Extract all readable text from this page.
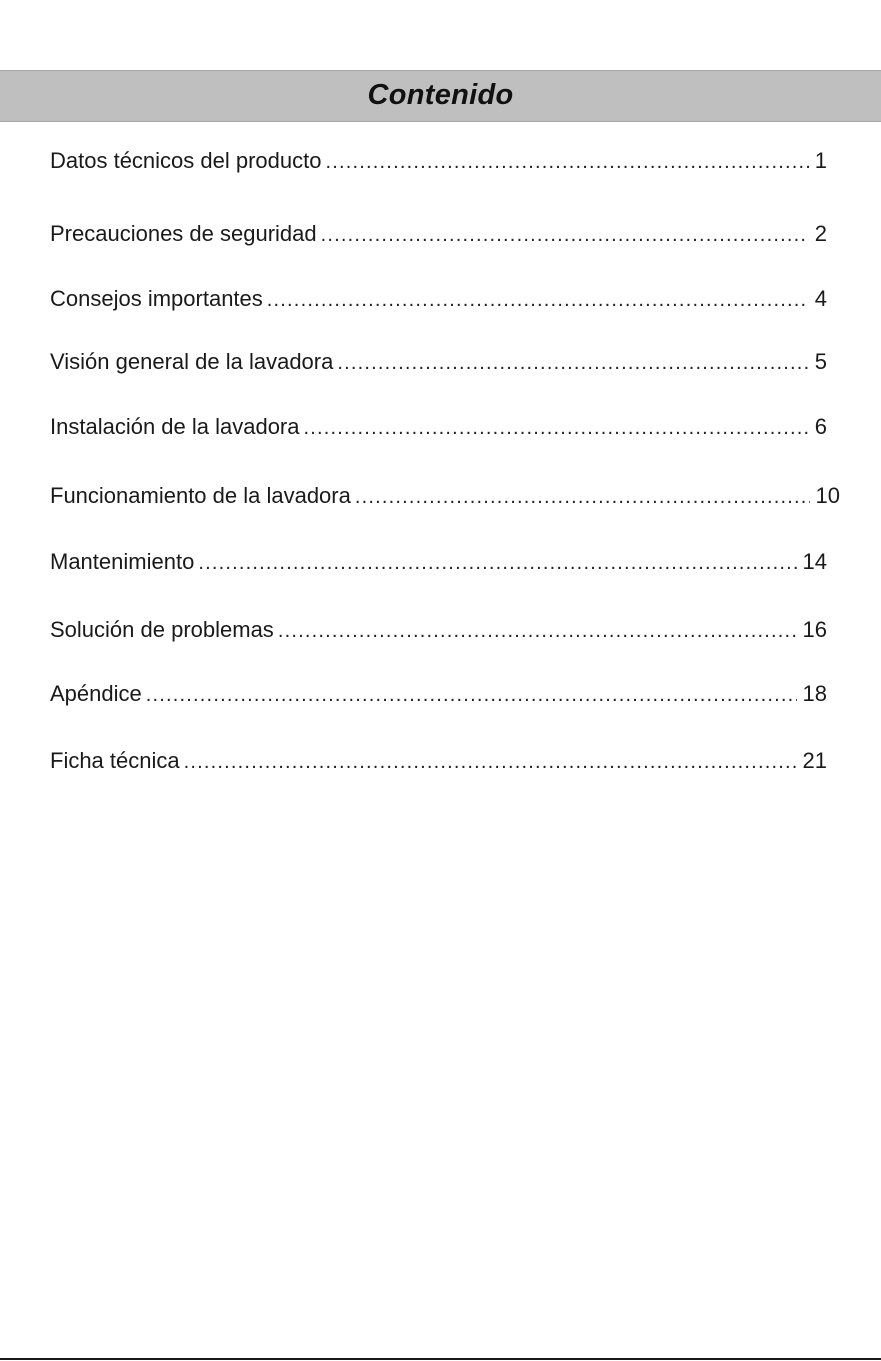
Contenido
Datos técnicos del producto .....	1
Precauciones de seguridad .....	2
Consejos importantes .....	4
Visión general de la lavadora .....	5
Instalación de la lavadora .....	6
Funcionamiento de la lavadora .....	10
Mantenimiento .....	14
Solución de problemas .....	16
Apéndice .....	18
Ficha técnica .....	21
